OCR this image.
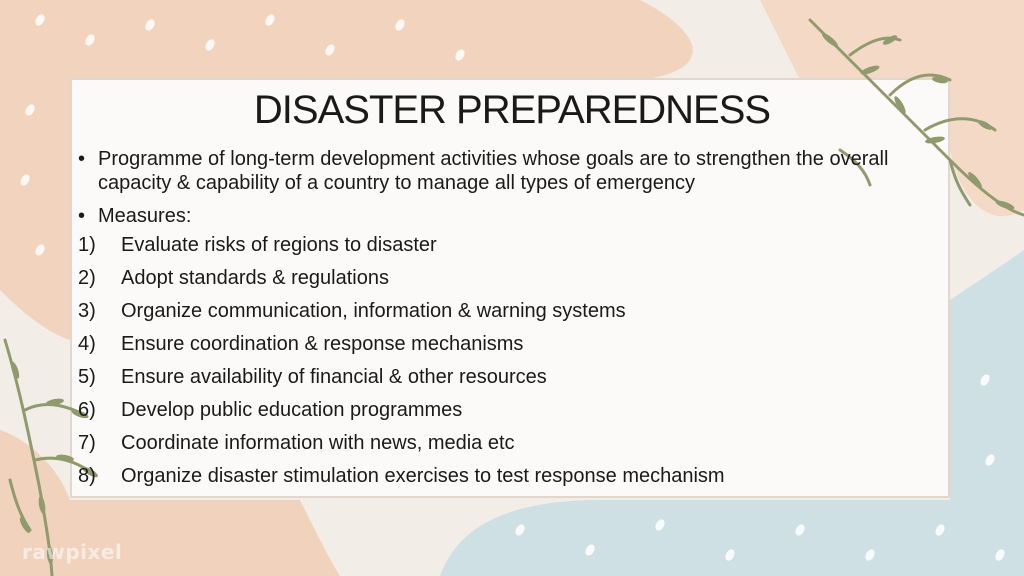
DISASTER PREPAREDNESS
• Programme of long-term development activities whose goals are to strengthen the overall capacity & capability of a country to manage all types of emergency
• Measures:
1)	Evaluate risks of regions to disaster
2)	Adopt standards & regulations
3)	Organize communication, information & warning systems
4)	Ensure coordination & response mechanisms
5)	Ensure availability of financial & other resources
6)	Develop public education programmes
7)	Coordinate information with news, media etc
8)	Organize disaster stimulation exercises to test response mechanism
rawpixel
